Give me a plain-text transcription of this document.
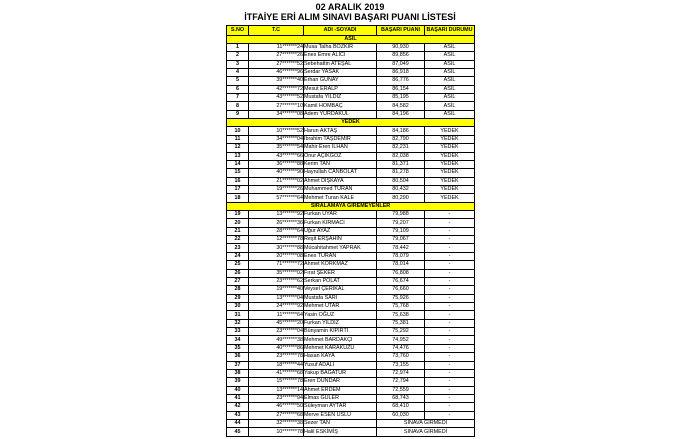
02 ARALIK 2019
İTFAİYE ERİ ALIM SINAVI BAŞARI PUANI LİSTESİ
S.NO	T.C	ADI -SOYADI	BAŞARI PUANI	BAŞARI DURUMU
ASİL				
1	11*******24	Musa Talha BOZKIR	90,930	ASİL
2	27*******26	Enes Emre ALICI	89,856	ASİL
3	27*******52	Sebehattin ATEŞAL	87,049	ASİL
4	46*******96	Serdar YASAK	86,918	ASİL
5	39*******40	Erhan GUNAY	86,776	ASİL
6	42*******72	Mesut ERALP	86,154	ASİL
7	43*******52	Mustafa YILDIZ	85,195	ASİL
8	27*******10	Kamil HOMBAÇ	84,582	ASİL
9	34*******08	Adem YURDAKUL	84,196	ASİL
YEDEK				
10	10*******52	Harun AKTAŞ	84,186	YEDEK
11	34*******04	İbrahim TAŞDEMİR	82,790	YEDEK
12	35*******54	Mahir Eren İLHAN	82,231	YEDEK
13	43*******66	Onur AÇIKGÖZ	82,038	YEDEK
14	36*******88	Kerim TAN	81,371	YEDEK
15	40*******90	Hayrullah CANBOLAT	81,278	YEDEK
16	21*******02	Ahmet DİŞKAYA	80,504	YEDEK
17	19*******26	Muhammed TURAN	80,432	YEDEK
18	57*******64	Mehmet Turan KALE	80,290	YEDEK
SIRALAMAYA GİREMEYENLER				
19	13*******92	Furkan UYAR	79,988	-
20	26*******36	Furkan KIRMACI	79,207	-
21	28*******64	Uğur AYAZ	79,109	-
22	12*******78	Reşit ERŞAHİN	79,067	-
23	30*******88	Mücahitahmet YAPRAK	78,442	-
24	20*******08	Enes TURAN	78,079	-
25	71*******72	Ahmet KORKMAZ	78,014	-
26	35*******02	Fırat ŞEKER	76,808	-
27	23*******62	Serkan POLAT	76,674	-
28	19*******40	Veysel ÇERİKAL	76,660	-
29	13*******04	Mustafa SARI	75,926	-
30	24*******92	Mehmet UTAR	75,768	-
31	11*******64	Yasin OĞUZ	75,638	-
32	45*******20	Furkan YILDIZ	75,381	-
33	23*******04	Bünyamin KIPIRTI	75,292	-
34	49*******38	Mehmet BARDAKÇI	74,952	-
35	40*******86	Mehmet KARAKUZU	74,476	-
36	23*******78	Hasan KAYA	73,760	-
37	18*******44	Yusuf ADALI	73,155	-
38	41*******68	Yakup BAĞATUR	72,974	-
39	15*******78	Eren DÜNDAR	72,794	-
40	13*******14	Ahmet ERDEM	72,559	-
41	23*******94	Elmas GÜLER	68,743	-
42	46*******50	Süleyman AYTAR	68,410	-
43	27*******68	Merve ESEN USLU	60,030	-
44	32*******38	Sezer TAN	SINAVA GİRMEDİ	
45	10*******78	Halil ESKİMİŞ	SINAVA GİRMEDİ	
